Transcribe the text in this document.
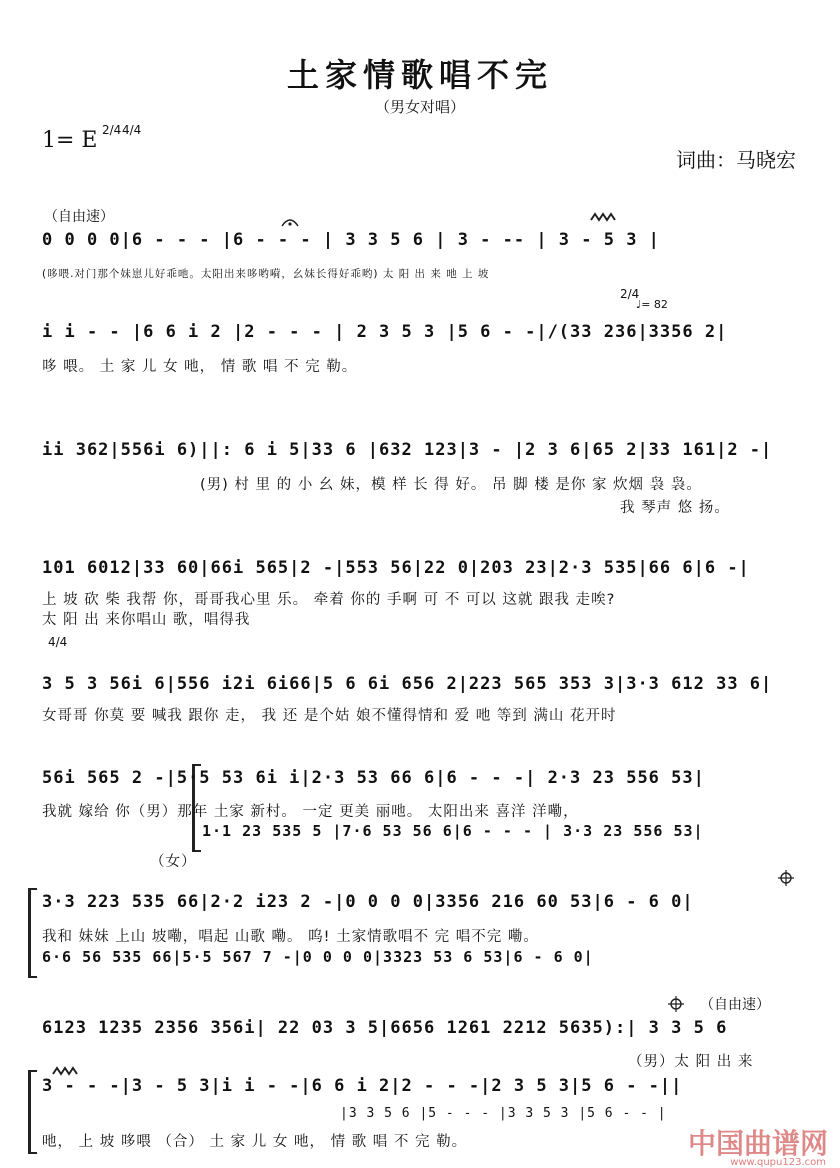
土家情歌唱不完
（男女对唱）
1= E 2/4 4/4
词曲：马晓宏
（自由速）
0 0 0 0|6 - - - |6 - - - | 3 3 5 6 | 3 - -- | 3 - 5 3 |
(哆喂.对门那个妹崽儿好乖吔。太阳出来哆哟嗬，幺妹长得好乖哟) 太 阳 出 来 吔 上 坡
i i - - |6 6 i 2 |2 - - - | 2 3 5 3 |5 6 - -|/(33 236|3356 2|
哆 喂。 土 家 儿 女 吔， 情 歌 唱 不 完 勒。
2/4
♩= 82
ii 362|556i 6)||: 6 i 5|33 6 |632 123|3 - |2 3 6|65 2|33 161|2 -|
(男) 村 里 的 小 幺 妹，模 样 长 得 好。 吊 脚 楼 是你 家 炊烟 袅 袅。
我 琴声 悠 扬。
101 6012|33 60|66i 565|2 -|553 56|22 0|203 23|2·3 535|66 6|6 -|
上 坡 砍 柴 我帮 你，哥哥我心里 乐。 牵着 你的 手啊 可 不 可以 这就 跟我 走唉?
太 阳 出 来你唱山 歌，唱得我
4/4
3 5 3 56i 6|556 i2i 6i66|5 6 6i 656 2|223 565 353 3|3·3 612 33 6|
女哥哥 你莫 要 喊我 跟你 走， 我 还 是个姑 娘不懂得情和 爱 吔 等到 满山 花开时
56i 565 2 -|5·5 53 6i i|2·3 53 66 6|6 - - -| 2·3 23 556 53|
我就 嫁给 你（男）那年 土家 新村。 一定 更美 丽吔。 太阳出来 喜洋 洋嘞，
1·1 23 535 5 |7·6 53 56 6|6 - - - | 3·3 23 556 53|
（女）
3·3 223 535 66|2·2 i23 2 -|0 0 0 0|3356 216 60 53|6 - 6 0|
我和 妹妹 上山 坡嘞，唱起 山歌 嘞。 呜! 土家情歌唱不 完 唱不完 嘞。
6·6 56 535 66|5·5 567 7 -|0 0 0 0|3323 53 6 53|6 - 6 0|
（自由速）
6123 1235 2356 356i| 22 03 3 5|6656 1261 2212 5635):| 3 3 5 6
（男）太 阳 出 来
3 - - -|3 - 5 3|i i - -|6 6 i 2|2 - - -|2 3 5 3|5 6 - -||
|3 3 5 6 |5 - - - |3 3 5 3 |5 6 - - |
吔， 上 坡 哆喂 （合） 土 家 儿 女 吔， 情 歌 唱 不 完 勒。	中国曲谱网
www.qupu123.com
